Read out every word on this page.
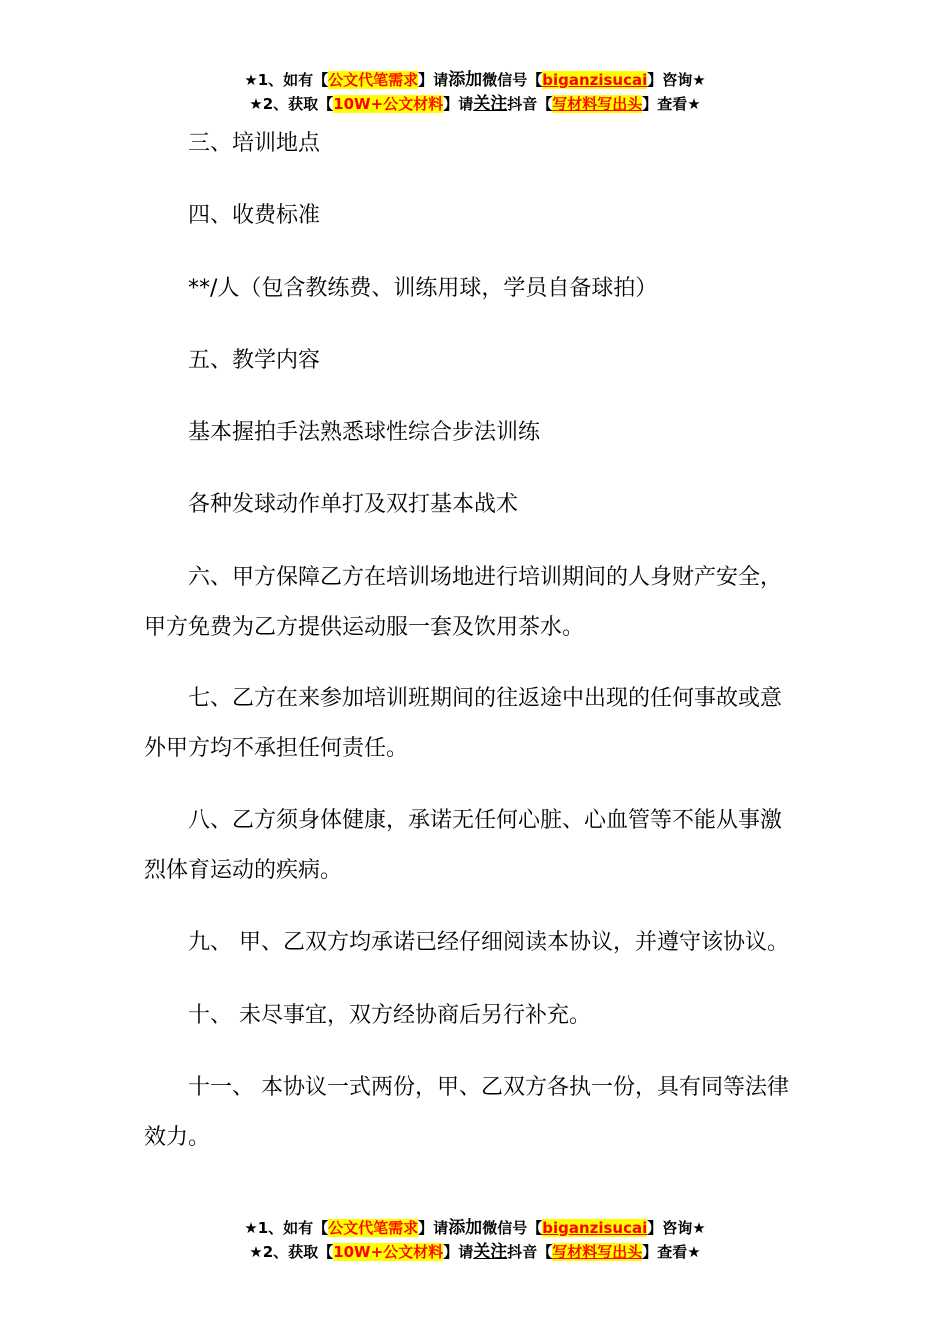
★1、如有【公文代笔需求】请添加微信号【biganzisucai】咨询★
★2、获取【10W+公文材料】请关注抖音【写材料写出头】查看★
三、培训地点
四、收费标准
**/人（包含教练费、训练用球，学员自备球拍）
五、教学内容
基本握拍手法熟悉球性综合步法训练
各种发球动作单打及双打基本战术
六、甲方保障乙方在培训场地进行培训期间的人身财产安全，
甲方免费为乙方提供运动服一套及饮用茶水。
七、乙方在来参加培训班期间的往返途中出现的任何事故或意
外甲方均不承担任何责任。
八、乙方须身体健康，承诺无任何心脏、心血管等不能从事激
烈体育运动的疾病。
九、 甲、乙双方均承诺已经仔细阅读本协议，并遵守该协议。
十、 未尽事宜，双方经协商后另行补充。
十一、 本协议一式两份，甲、乙双方各执一份，具有同等法律
效力。
★1、如有【公文代笔需求】请添加微信号【biganzisucai】咨询★
★2、获取【10W+公文材料】请关注抖音【写材料写出头】查看★
